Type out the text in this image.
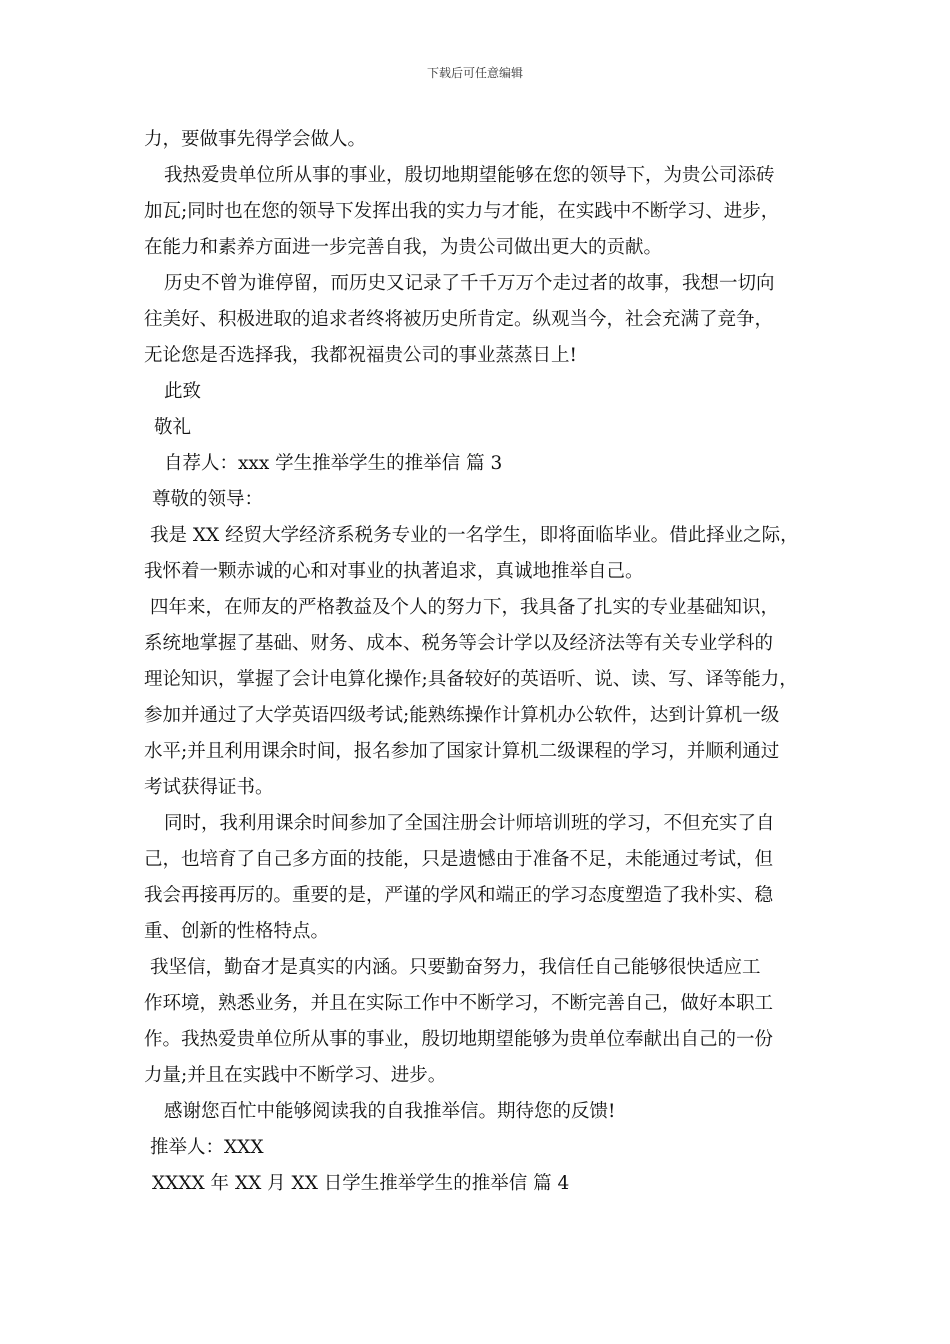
下载后可任意编辑
力，要做事先得学会做人。
我热爱贵单位所从事的事业，殷切地期望能够在您的领导下，为贵公司添砖
加瓦;同时也在您的领导下发挥出我的实力与才能，在实践中不断学习、进步，
在能力和素养方面进一步完善自我，为贵公司做出更大的贡献。
历史不曾为谁停留，而历史又记录了千千万万个走过者的故事，我想一切向
往美好、积极进取的追求者终将被历史所肯定。纵观当今，社会充满了竞争，
无论您是否选择我，我都祝福贵公司的事业蒸蒸日上!
此致
敬礼
自荐人：xxx 学生推举学生的推举信 篇 3
尊敬的领导：
我是 XX 经贸大学经济系税务专业的一名学生，即将面临毕业。借此择业之际，
我怀着一颗赤诚的心和对事业的执著追求，真诚地推举自己。
四年来，在师友的严格教益及个人的努力下，我具备了扎实的专业基础知识，
系统地掌握了基础、财务、成本、税务等会计学以及经济法等有关专业学科的
理论知识，掌握了会计电算化操作;具备较好的英语听、说、读、写、译等能力，
参加并通过了大学英语四级考试;能熟练操作计算机办公软件，达到计算机一级
水平;并且利用课余时间，报名参加了国家计算机二级课程的学习，并顺利通过
考试获得证书。
同时，我利用课余时间参加了全国注册会计师培训班的学习，不但充实了自
己，也培育了自己多方面的技能，只是遗憾由于准备不足，未能通过考试，但
我会再接再厉的。重要的是，严谨的学风和端正的学习态度塑造了我朴实、稳
重、创新的性格特点。
我坚信，勤奋才是真实的内涵。只要勤奋努力，我信任自己能够很快适应工
作环境，熟悉业务，并且在实际工作中不断学习，不断完善自己，做好本职工
作。我热爱贵单位所从事的事业，殷切地期望能够为贵单位奉献出自己的一份
力量;并且在实践中不断学习、进步。
感谢您百忙中能够阅读我的自我推举信。期待您的反馈!
推举人：XXX
XXXX 年 XX 月 XX 日学生推举学生的推举信 篇 4
